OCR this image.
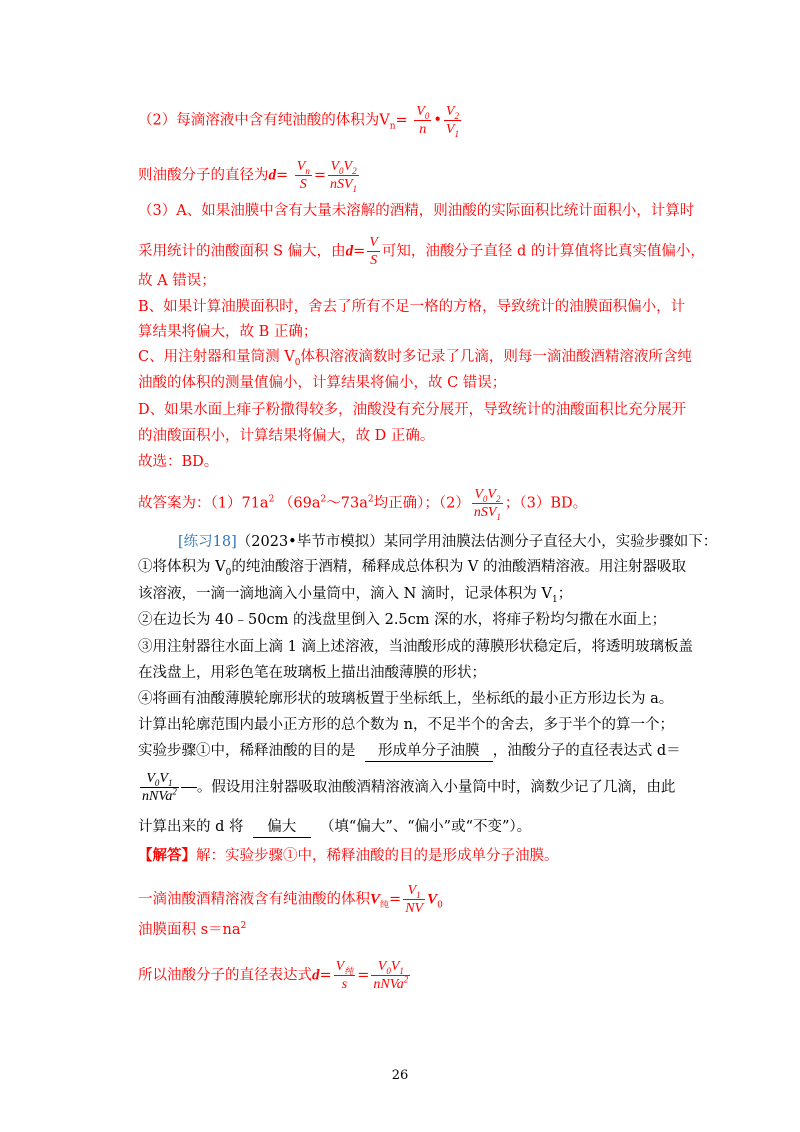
（2）每滴溶液中含有纯油酸的体积为$V_n= \frac{V_0}{n}$ • $\frac{V_2}{V_1}$
则油酸分子的直径为$d= \frac{V_n}{S} = \frac{V_0V_2}{nSV_1}$
（3）A、如果油膜中含有大量未溶解的酒精，则油酸的实际面积比统计面积小，计算时
采用统计的油酸面积 S 偏大，由$d= \frac{V}{S}$ 可知，油酸分子直径 d 的计算值将比真实值偏小，
故 A 错误；
B、如果计算油膜面积时，舍去了所有不足一格的方格，导致统计的油膜面积偏小，计
算结果将偏大，故 B 正确；
C、用注射器和量筒测 $V_0$体积溶液滴数时多记录了几滴，则每一滴油酸酒精溶液所含纯
油酸的体积的测量值偏小，计算结果将偏小，故 C 错误；
D、如果水面上痱子粉撒得较多，油酸没有充分展开，导致统计的油酸面积比充分展开
的油酸面积小，计算结果将偏大，故 D 正确。
故选：BD。
故答案为：$(1)71a^2$ （$69a^2\sim 73a^2$均正确）；$(2) \frac{V_0V_2}{nSV_1}$ ；（3）BD。
[练习18]（2023•毕节市模拟）某同学用油膜法估测分子直径大小，实验步骤如下：
①将体积为 $V_0$的纯油酸溶于酒精，稀释成总体积为 V 的油酸酒精溶液。用注射器吸取
该溶液，一滴一滴地滴入小量筒中，滴入 N 滴时，记录体积为 $V_1$；
②在边长为 40﹣50cm 的浅盘里倒入 2.5cm 深的水，将痱子粉均匀撒在水面上；
③用注射器往水面上滴 1 滴上述溶液，当油酸形成的薄膜形状稳定后，将透明玻璃板盖
在浅盘上，用彩色笔在玻璃板上描出油酸薄膜的形状；
④将画有油酸薄膜轮廓形状的玻璃板置于坐标纸上，坐标纸的最小正方形边长为 a。
计算出轮廓范围内最小正方形的总个数为 n，不足半个的舍去，多于半个的算一个；
实验步骤①中，稀释油酸的目的是 形成单分子油膜 ，油酸分子的直径表达式 d＝
$\frac{V_0V_1}{nNVa^2}$ 。假设用注射器吸取油酸酒精溶液滴入小量筒中时，滴数少记了几滴，由此
计算出来的 d 将 偏大 （填“偏大”、“偏小”或“不变”）。
【解答】解：实验步骤①中，稀释油酸的目的是形成单分子油膜。
一滴油酸酒精溶液含有纯油酸的体积$V_纯= \frac{V_1}{NV} V_0$
油膜面积 $s=na^2$
所以油酸分子的直径表达式$d= \frac{V_纯}{s} = \frac{V_0V_1}{nNVa^2}$
26
